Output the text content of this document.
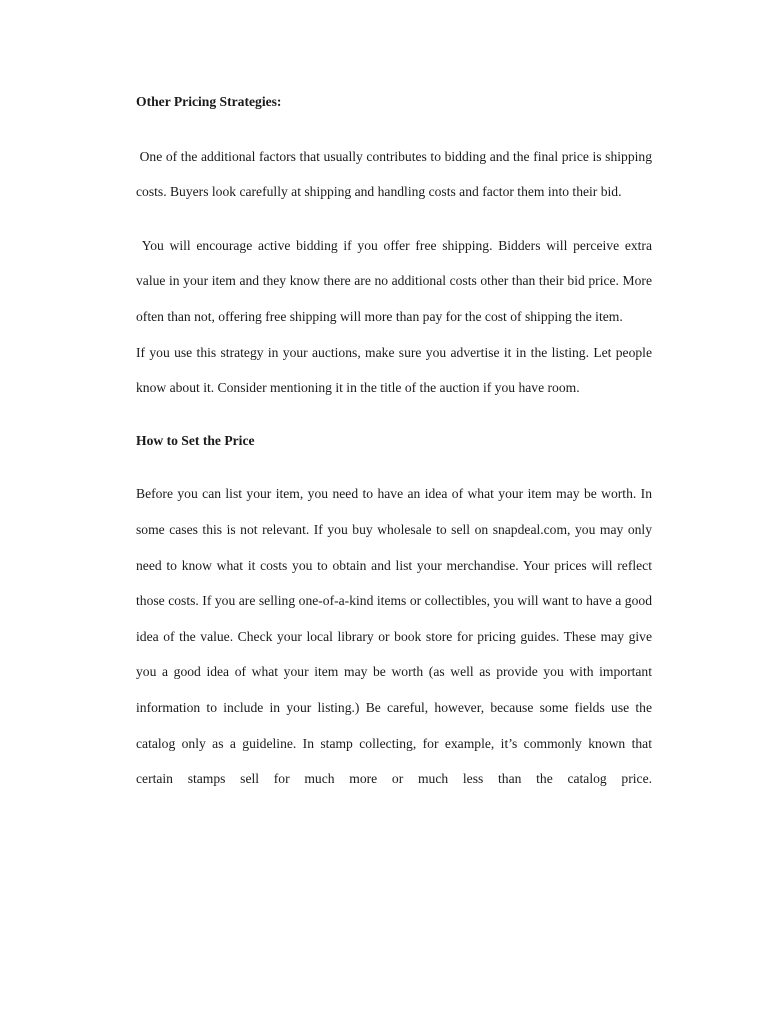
Other Pricing Strategies:

One of the additional factors that usually contributes to bidding and the final price is shipping costs. Buyers look carefully at shipping and handling costs and factor them into their bid.

You will encourage active bidding if you offer free shipping. Bidders will perceive extra value in your item and they know there are no additional costs other than their bid price. More often than not, offering free shipping will more than pay for the cost of shipping the item.

If you use this strategy in your auctions, make sure you advertise it in the listing. Let people know about it. Consider mentioning it in the title of the auction if you have room.

How to Set the Price

Before you can list your item, you need to have an idea of what your item may be worth. In some cases this is not relevant. If you buy wholesale to sell on snapdeal.com, you may only need to know what it costs you to obtain and list your merchandise. Your prices will reflect those costs. If you are selling one-of-a-kind items or collectibles, you will want to have a good idea of the value. Check your local library or book store for pricing guides. These may give you a good idea of what your item may be worth (as well as provide you with important information to include in your listing.) Be careful, however, because some fields use the catalog only as a guideline. In stamp collecting, for example, it’s commonly known that certain stamps sell for much more or much less than the catalog price.
